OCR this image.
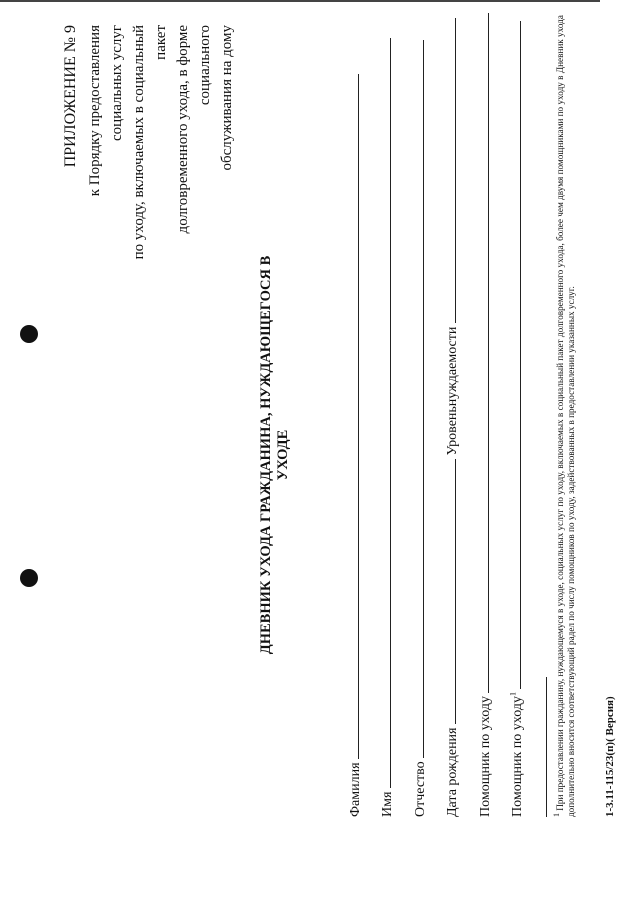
ПРИЛОЖЕНИЕ № 9 к Порядку предоставления социальных услуг по уходу, включаемых в социальный пакет долговременного ухода, в форме социального обслуживания на дому
ДНЕВНИК УХОДА ГРАЖДАНИНА, НУЖДАЮЩЕГОСЯ В УХОДЕ
Фамилия Имя Отчество Дата рождения  Уровеньнуждаемости
Помощник по уходу Помощник по уходу$^1$
$^1$ При предоставлении гражданину, нуждающемуся в уходе, социальных услуг по уходу, включаемых в социальный пакет долговременного ухода, более чем двумя помощниками по уходу в Дневник ухода дополнительно вносится соответствующий радел по числу помощников по уходу, задействованных в предоставлении указанных услуг.	1-3.11-115/23(п)( Версия)
